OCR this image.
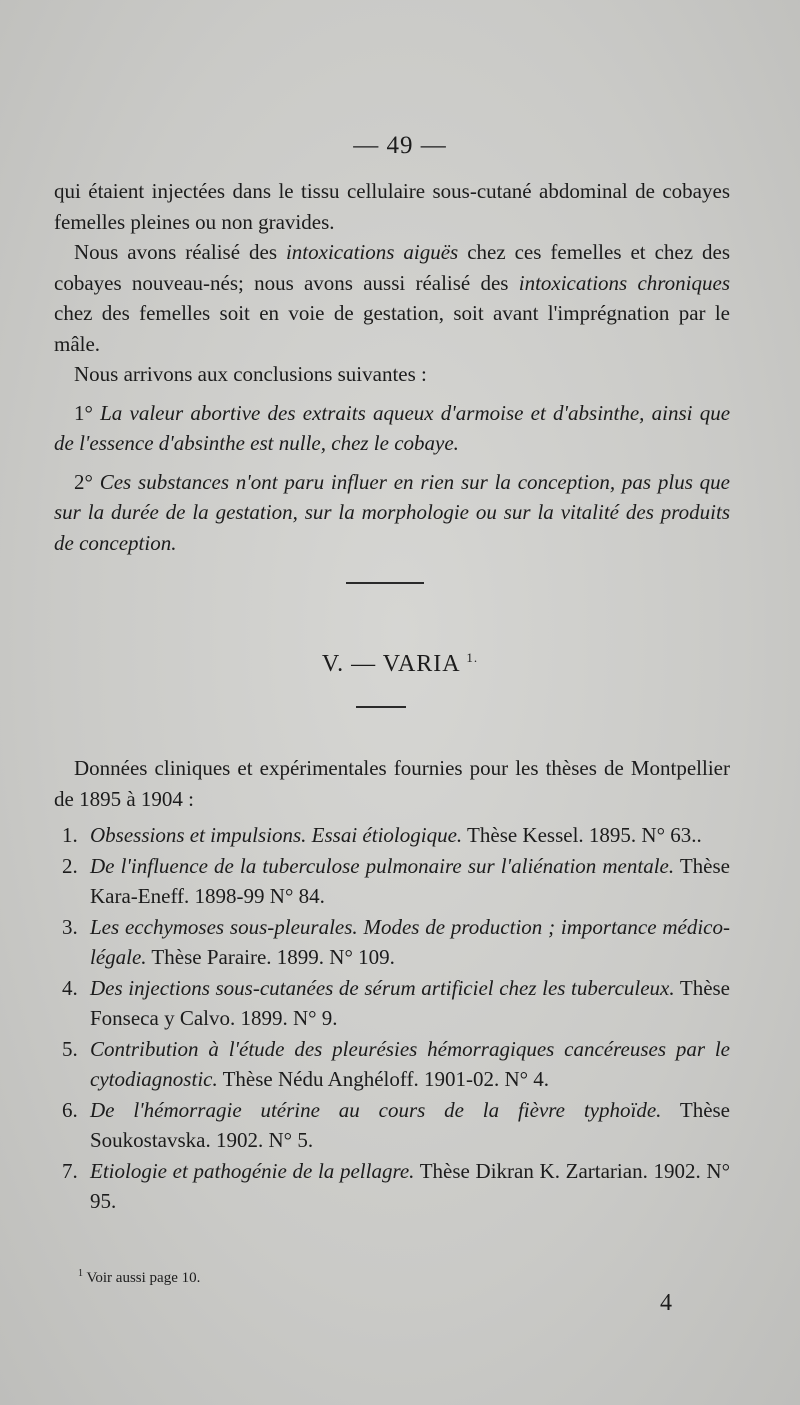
— 49 —

qui étaient injectées dans le tissu cellulaire sous-cutané abdominal de cobayes femelles pleines ou non gravides.

Nous avons réalisé des intoxications aiguës chez ces femelles et chez des cobayes nouveau-nés; nous avons aussi réalisé des intoxications chroniques chez des femelles soit en voie de gestation, soit avant l'imprégnation par le mâle.

Nous arrivons aux conclusions suivantes :

1° La valeur abortive des extraits aqueux d'armoise et d'absinthe, ainsi que de l'essence d'absinthe est nulle, chez le cobaye.

2° Ces substances n'ont paru influer en rien sur la conception, pas plus que sur la durée de la gestation, sur la morphologie ou sur la vitalité des produits de conception.

V. — VARIA $^{1.}$

Données cliniques et expérimentales fournies pour les thèses de Montpellier de 1895 à 1904 :

1. Obsessions et impulsions. Essai étiologique. Thèse Kessel. 1895. N° 63..

2. De l'influence de la tuberculose pulmonaire sur l'aliénation mentale. Thèse Kara-Eneff. 1898-99 N° 84.

3. Les ecchymoses sous-pleurales. Modes de production ; importance médico-légale. Thèse Paraire. 1899. N° 109.

4. Des injections sous-cutanées de sérum artificiel chez les tuberculeux. Thèse Fonseca y Calvo. 1899. N° 9.

5. Contribution à l'étude des pleurésies hémorragiques cancéreuses par le cytodiagnostic. Thèse Nédu Anghéloff. 1901-02. N° 4.

6. De l'hémorragie utérine au cours de la fièvre typhoïde. Thèse Soukostavska. 1902. N° 5.

7. Etiologie et pathogénie de la pellagre. Thèse Dikran K. Zartarian. 1902. N° 95.

$^1$ Voir aussi page 10.
4
